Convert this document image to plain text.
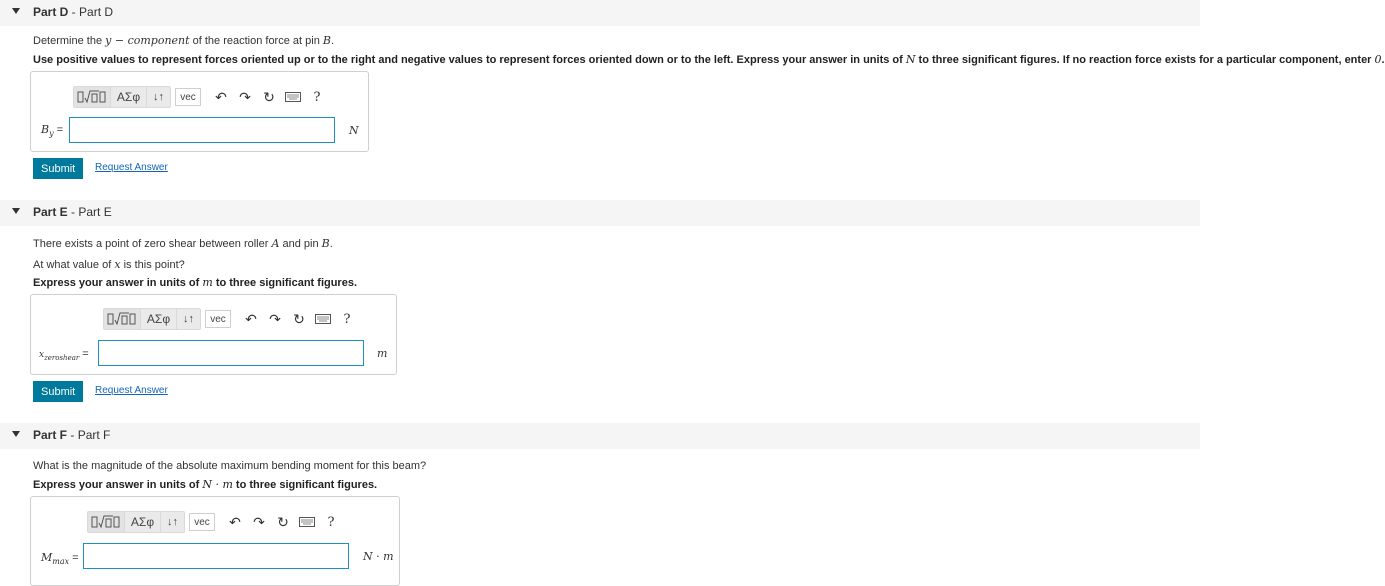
Part D - Part D
Determine the y − component of the reaction force at pin B.
Use positive values to represent forces oriented up or to the right and negative values to represent forces oriented down or to the left. Express your answer in units of N to three significant figures. If no reaction force exists for a particular component, enter 0.
ΑΣφ	↓↑	vec	↶ ↷ ↻	?
$B_y$ =	N
Submit	Request Answer
Part E - Part E
There exists a point of zero shear between roller A and pin B.
At what value of x is this point?
Express your answer in units of m to three significant figures.
ΑΣφ	↓↑	vec	↶ ↷ ↻	?
$x_{zeroshear}$ =	m
Submit	Request Answer
Part F - Part F
What is the magnitude of the absolute maximum bending moment for this beam?
Express your answer in units of N · m to three significant figures.
ΑΣφ	↓↑	vec	↶ ↷ ↻	?
$M_{max}$ =	N · m
